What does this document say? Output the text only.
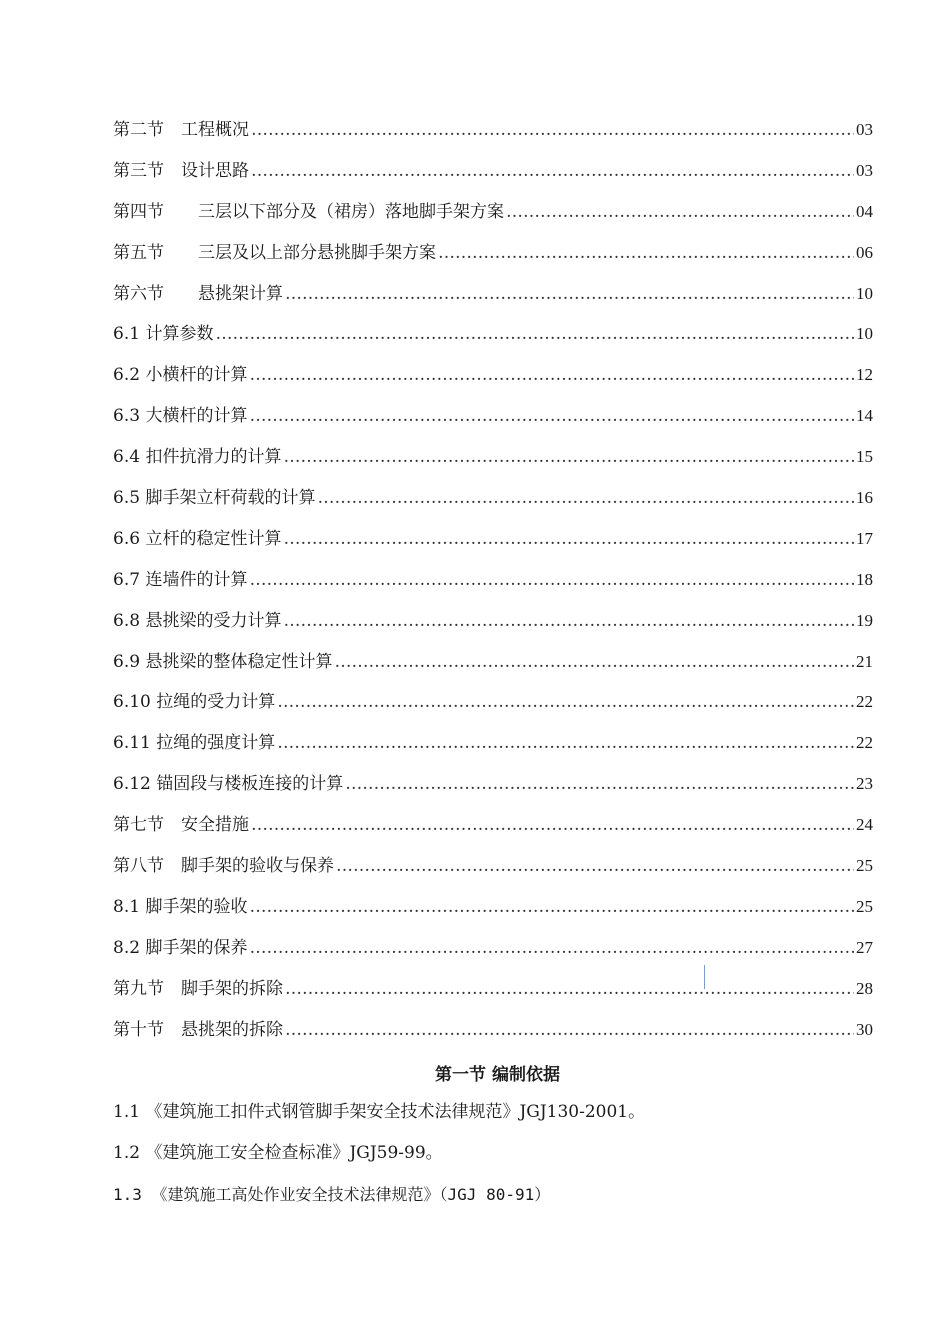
第二节　工程概况 ……………………………………………………………………………………………………………………………………………………………………………………………………………………	03
第三节　设计思路 ……………………………………………………………………………………………………………………………………………………………………………………………………………………	03
第四节　　三层以下部分及（裙房）落地脚手架方案 ……………………………………………………………………………………………………………………………………………………………………………………………………………………	04
第五节　　三层及以上部分悬挑脚手架方案 ……………………………………………………………………………………………………………………………………………………………………………………………………………………	06
第六节　　悬挑架计算 ……………………………………………………………………………………………………………………………………………………………………………………………………………………	10
6.1 计算参数 ……………………………………………………………………………………………………………………………………………………………………………………………………………………	10
6.2 小横杆的计算 ……………………………………………………………………………………………………………………………………………………………………………………………………………………	12
6.3 大横杆的计算 ……………………………………………………………………………………………………………………………………………………………………………………………………………………	14
6.4 扣件抗滑力的计算 ……………………………………………………………………………………………………………………………………………………………………………………………………………………	15
6.5 脚手架立杆荷载的计算 ……………………………………………………………………………………………………………………………………………………………………………………………………………………	16
6.6 立杆的稳定性计算 ……………………………………………………………………………………………………………………………………………………………………………………………………………………	17
6.7 连墙件的计算 ……………………………………………………………………………………………………………………………………………………………………………………………………………………	18
6.8 悬挑梁的受力计算 ……………………………………………………………………………………………………………………………………………………………………………………………………………………	19
6.9 悬挑梁的整体稳定性计算 ……………………………………………………………………………………………………………………………………………………………………………………………………………………	21
6.10 拉绳的受力计算 ……………………………………………………………………………………………………………………………………………………………………………………………………………………	22
6.11 拉绳的强度计算 ……………………………………………………………………………………………………………………………………………………………………………………………………………………	22
6.12 锚固段与楼板连接的计算 ……………………………………………………………………………………………………………………………………………………………………………………………………………………	23
第七节　安全措施 ……………………………………………………………………………………………………………………………………………………………………………………………………………………	24
第八节　脚手架的验收与保养 ……………………………………………………………………………………………………………………………………………………………………………………………………………………	25
8.1 脚手架的验收 ……………………………………………………………………………………………………………………………………………………………………………………………………………………	25
8.2 脚手架的保养 ……………………………………………………………………………………………………………………………………………………………………………………………………………………	27
第九节　脚手架的拆除 ……………………………………………………………………………………………………………………………………………………………………………………………………………………	28
第十节　悬挑架的拆除 ……………………………………………………………………………………………………………………………………………………………………………………………………………………	30
第一节 编制依据
1.1 《建筑施工扣件式钢管脚手架安全技术法律规范》JGJ130-2001。
1.2 《建筑施工安全检查标准》JGJ59-99。
1.3 《建筑施工高处作业安全技术法律规范》（JGJ 80-91）
